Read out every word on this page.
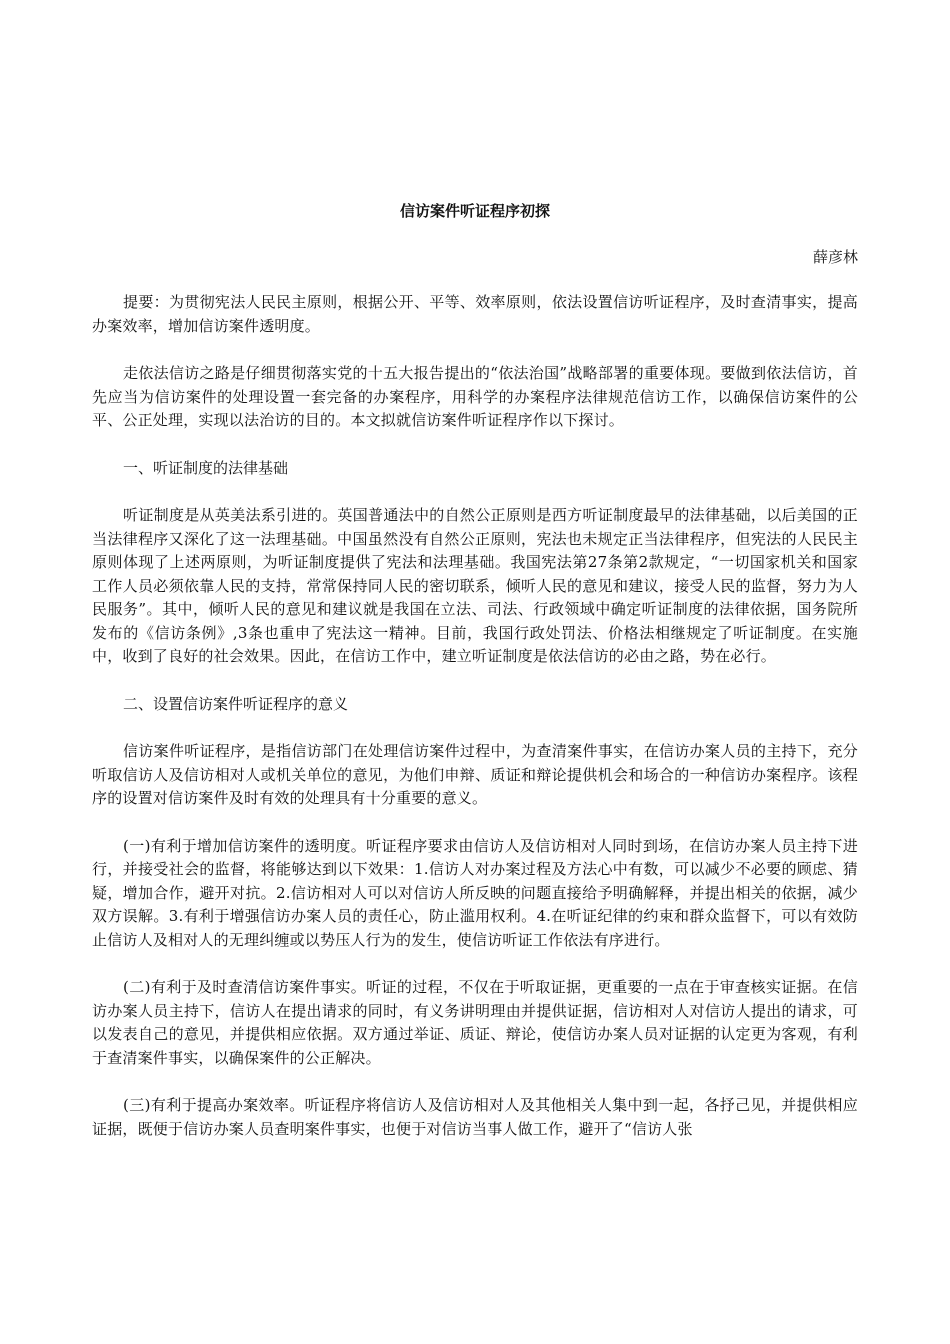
信访案件听证程序初探

薛彦林

提要：为贯彻宪法人民民主原则，根据公开、平等、效率原则，依法设置信访听证程序，及时查清事实，提高办案效率，增加信访案件透明度。

走依法信访之路是仔细贯彻落实党的十五大报告提出的“依法治国”战略部署的重要体现。要做到依法信访，首先应当为信访案件的处理设置一套完备的办案程序，用科学的办案程序法律规范信访工作，以确保信访案件的公平、公正处理，实现以法治访的目的。本文拟就信访案件听证程序作以下探讨。

一、听证制度的法律基础

听证制度是从英美法系引进的。英国普通法中的自然公正原则是西方听证制度最早的法律基础，以后美国的正当法律程序又深化了这一法理基础。中国虽然没有自然公正原则，宪法也未规定正当法律程序，但宪法的人民民主原则体现了上述两原则，为听证制度提供了宪法和法理基础。我国宪法第27条第2款规定，“一切国家机关和国家工作人员必须依靠人民的支持，常常保持同人民的密切联系，倾听人民的意见和建议，接受人民的监督，努力为人民服务”。其中，倾听人民的意见和建议就是我国在立法、司法、行政领域中确定听证制度的法律依据，国务院所发布的《信访条例》,3条也重申了宪法这一精神。目前，我国行政处罚法、价格法相继规定了听证制度。在实施中，收到了良好的社会效果。因此，在信访工作中，建立听证制度是依法信访的必由之路，势在必行。

二、设置信访案件听证程序的意义

信访案件听证程序，是指信访部门在处理信访案件过程中，为查清案件事实，在信访办案人员的主持下，充分听取信访人及信访相对人或机关单位的意见，为他们申辩、质证和辩论提供机会和场合的一种信访办案程序。该程序的设置对信访案件及时有效的处理具有十分重要的意义。

(一)有利于增加信访案件的透明度。听证程序要求由信访人及信访相对人同时到场，在信访办案人员主持下进行，并接受社会的监督，将能够达到以下效果：1.信访人对办案过程及方法心中有数，可以减少不必要的顾虑、猜疑，增加合作，避开对抗。2.信访相对人可以对信访人所反映的问题直接给予明确解释，并提出相关的依据，减少双方误解。3.有利于增强信访办案人员的责任心，防止滥用权利。4.在听证纪律的约束和群众监督下，可以有效防止信访人及相对人的无理纠缠或以势压人行为的发生，使信访听证工作依法有序进行。

(二)有利于及时查清信访案件事实。听证的过程，不仅在于听取证据，更重要的一点在于审查核实证据。在信访办案人员主持下，信访人在提出请求的同时，有义务讲明理由并提供证据，信访相对人对信访人提出的请求，可以发表自己的意见，并提供相应依据。双方通过举证、质证、辩论，使信访办案人员对证据的认定更为客观，有利于查清案件事实，以确保案件的公正解决。

(三)有利于提高办案效率。听证程序将信访人及信访相对人及其他相关人集中到一起，各抒己见，并提供相应证据，既便于信访办案人员查明案件事实，也便于对信访当事人做工作，避开了“信访人张
